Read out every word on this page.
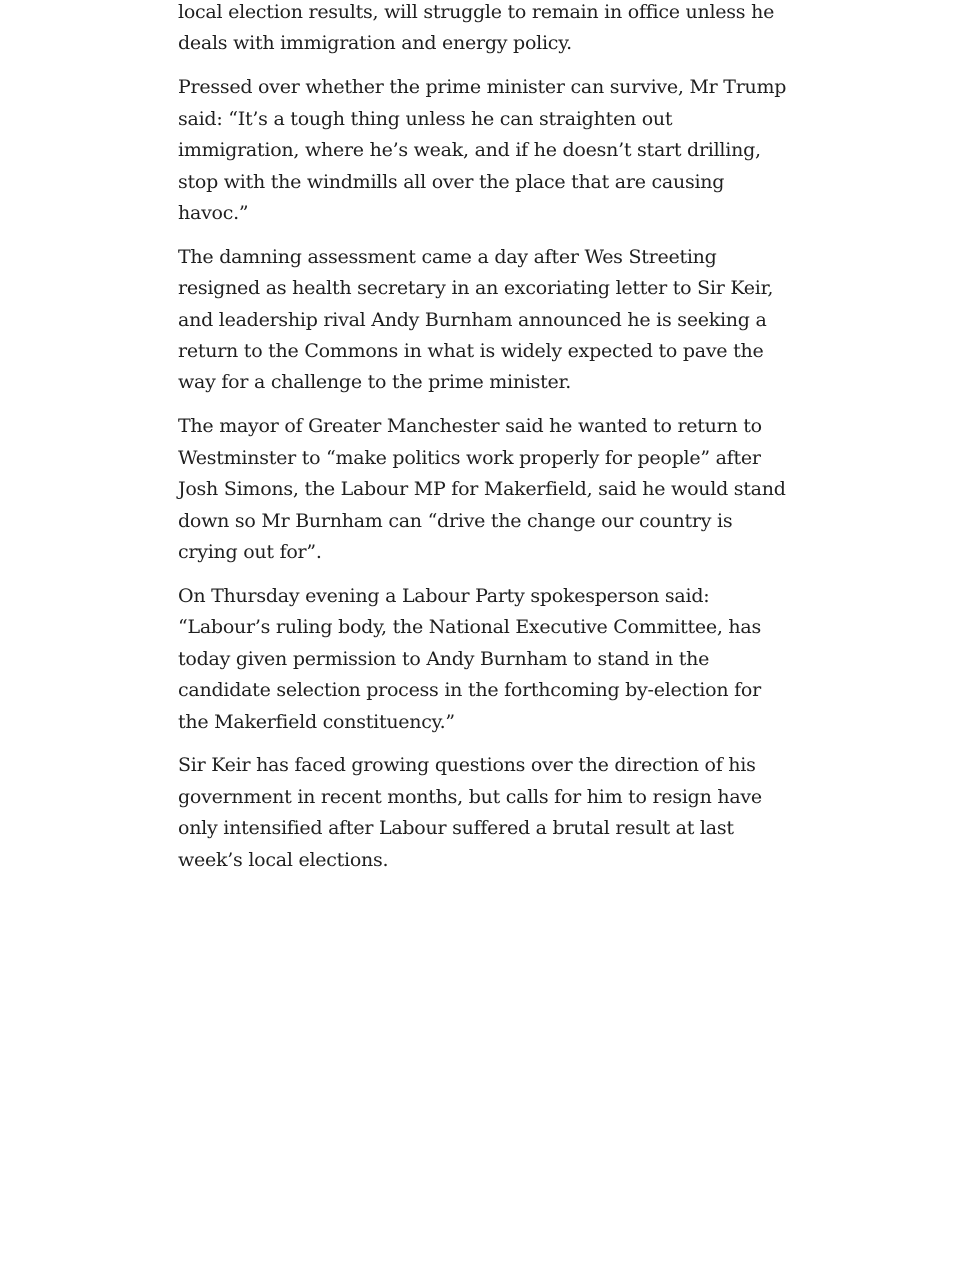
local election results, will struggle to remain in office unless he deals with immigration and energy policy.

Pressed over whether the prime minister can survive, Mr Trump said: “It’s a tough thing unless he can straighten out immigration, where he’s weak, and if he doesn’t start drilling, stop with the windmills all over the place that are causing havoc.”

The damning assessment came a day after Wes Streeting resigned as health secretary in an excoriating letter to Sir Keir, and leadership rival Andy Burnham announced he is seeking a return to the Commons in what is widely expected to pave the way for a challenge to the prime minister.

The mayor of Greater Manchester said he wanted to return to Westminster to “make politics work properly for people” after Josh Simons, the Labour MP for Makerfield, said he would stand down so Mr Burnham can “drive the change our country is crying out for”.

On Thursday evening a Labour Party spokesperson said: “Labour’s ruling body, the National Executive Committee, has today given permission to Andy Burnham to stand in the candidate selection process in the forthcoming by-election for the Makerfield constituency.”

Sir Keir has faced growing questions over the direction of his government in recent months, but calls for him to resign have only intensified after Labour suffered a brutal result at last week’s local elections.
